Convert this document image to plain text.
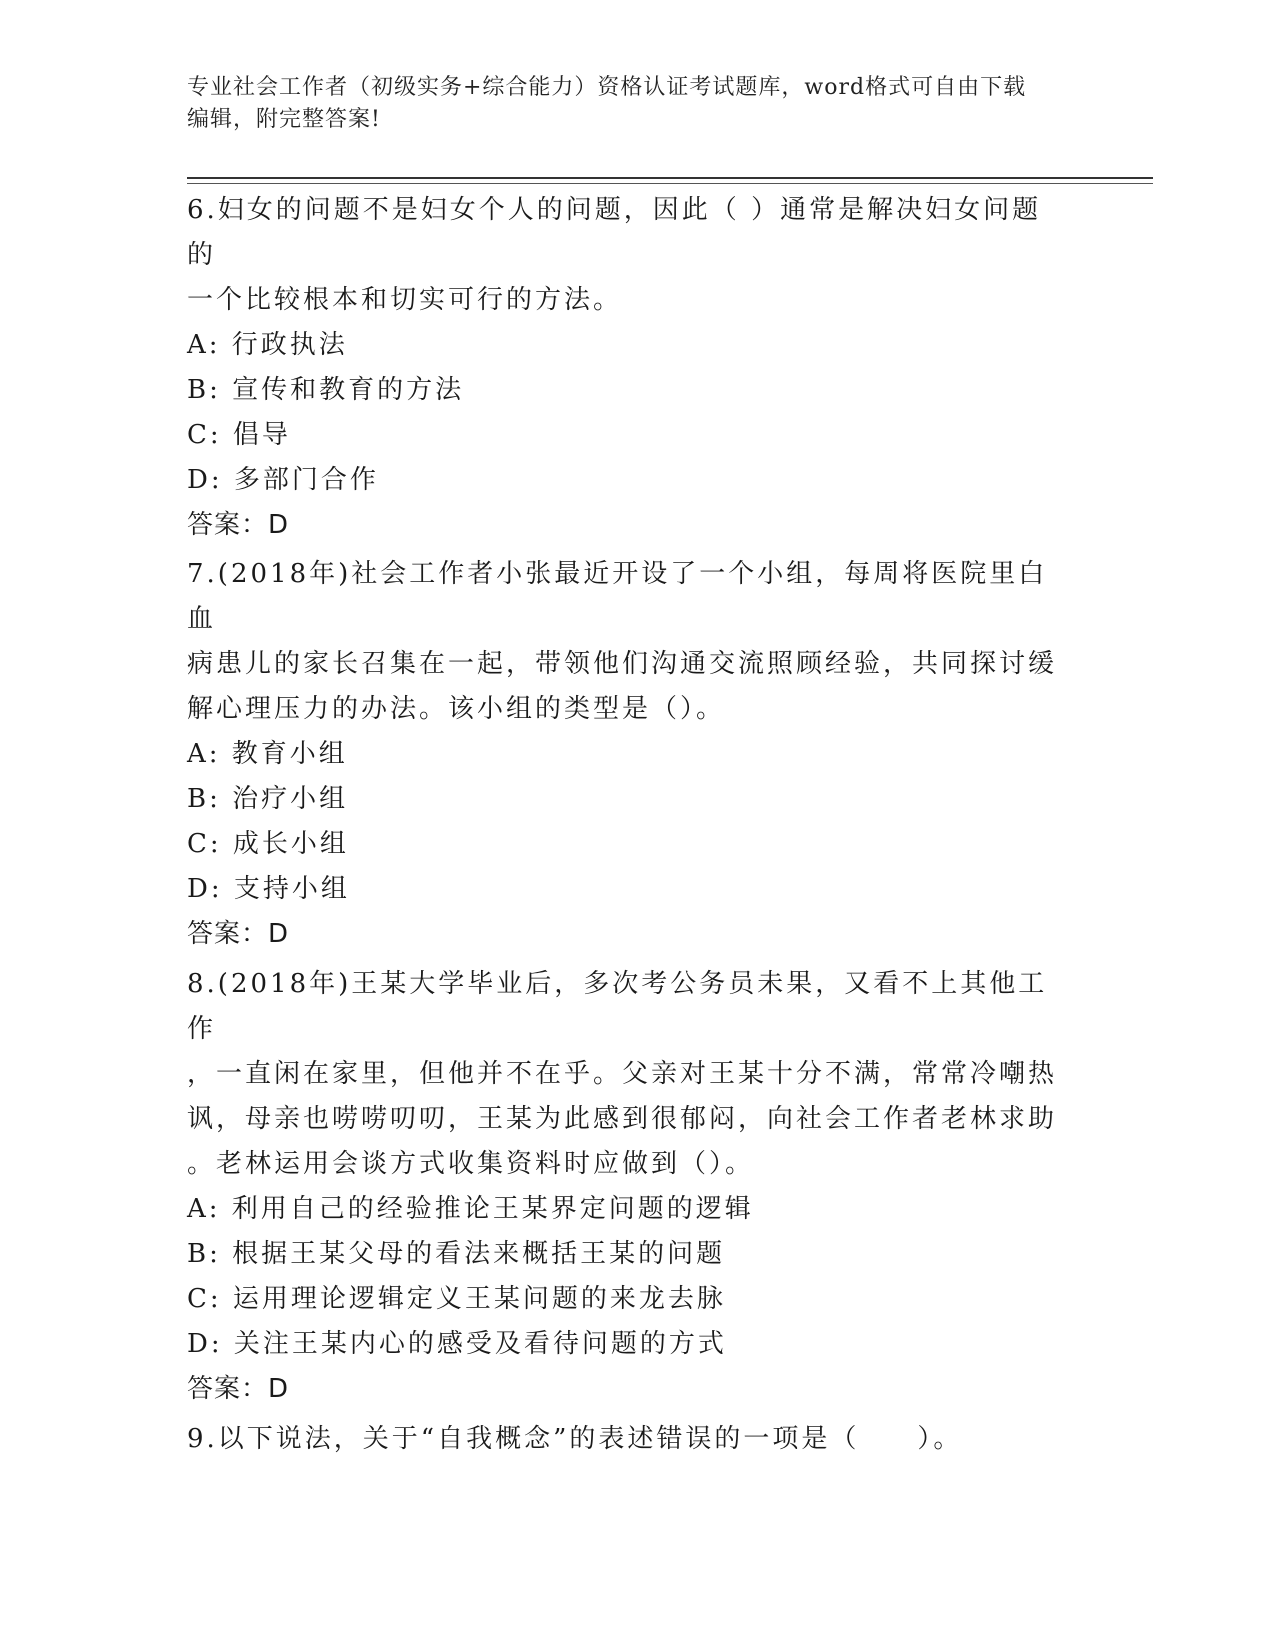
专业社会工作者（初级实务+综合能力）资格认证考试题库，word格式可自由下载
编辑，附完整答案!

6.妇女的问题不是妇女个人的问题，因此（ ）通常是解决妇女问题的

一个比较根本和切实可行的方法。

A: 行政执法

B: 宣传和教育的方法

C: 倡导

D: 多部门合作

答案：D

7.(2018年)社会工作者小张最近开设了一个小组，每周将医院里白血

病患儿的家长召集在一起，带领他们沟通交流照顾经验，共同探讨缓

解心理压力的办法。该小组的类型是（）。

A: 教育小组

B: 治疗小组

C: 成长小组

D: 支持小组

答案：D

8.(2018年)王某大学毕业后，多次考公务员未果，又看不上其他工作

，一直闲在家里，但他并不在乎。父亲对王某十分不满，常常冷嘲热

讽，母亲也唠唠叨叨，王某为此感到很郁闷，向社会工作者老林求助

。老林运用会谈方式收集资料时应做到（）。

A: 利用自己的经验推论王某界定问题的逻辑

B: 根据王某父母的看法来概括王某的问题

C: 运用理论逻辑定义王某问题的来龙去脉

D: 关注王某内心的感受及看待问题的方式

答案：D

9.以下说法，关于“自我概念”的表述错误的一项是（　　）。
